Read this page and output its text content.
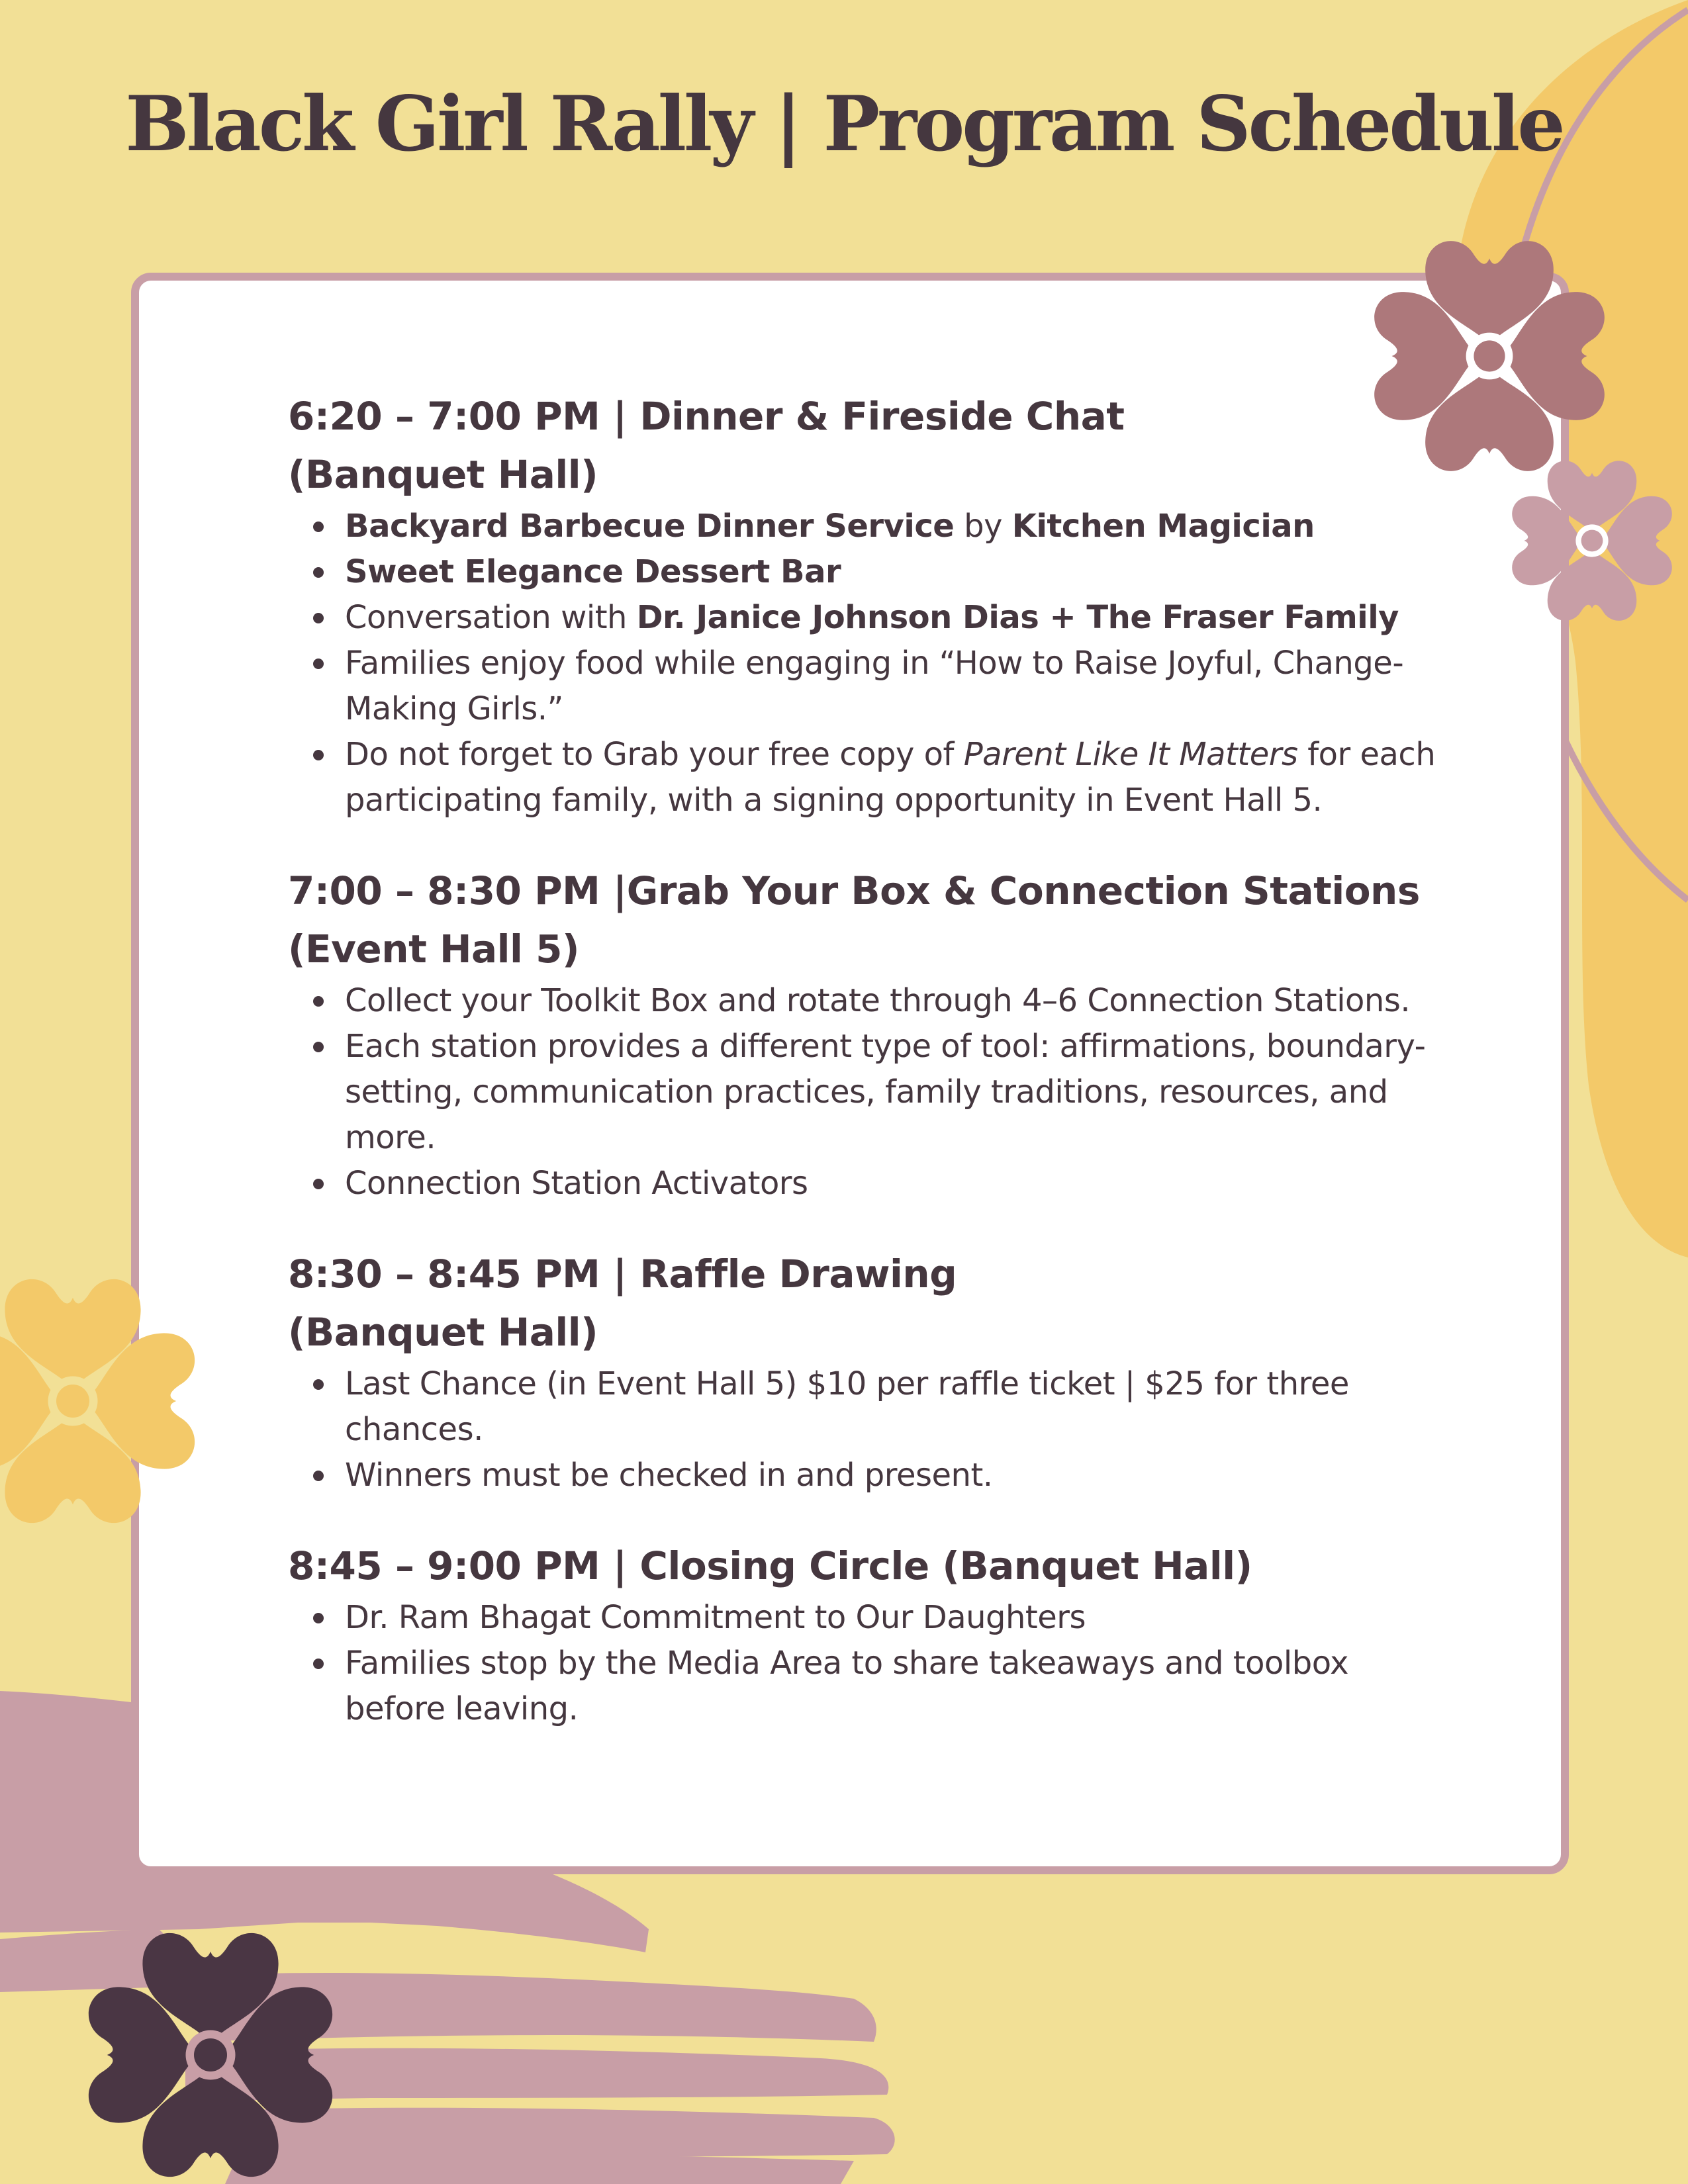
Black Girl Rally | Program Schedule

6:20 – 7:00 PM | Dinner & Fireside Chat

(Banquet Hall)

Backyard Barbecue Dinner Service by Kitchen Magician
Sweet Elegance Dessert Bar
Conversation with Dr. Janice Johnson Dias + The Fraser Family
Families enjoy food while engaging in “How to Raise Joyful, Change-Making Girls.”
Do not forget to Grab your free copy of Parent Like It Matters for each participating family, with a signing opportunity in Event Hall 5.

7:00 – 8:30 PM |Grab Your Box & Connection Stations

(Event Hall 5)

Collect your Toolkit Box and rotate through 4–6 Connection Stations.
Each station provides a different type of tool: affirmations, boundary-setting, communication practices, family traditions, resources, and more.
Connection Station Activators

8:30 – 8:45 PM | Raffle Drawing

(Banquet Hall)

Last Chance (in Event Hall 5) $10 per raffle ticket | $25 for three chances.
Winners must be checked in and present.

8:45 – 9:00 PM | Closing Circle (Banquet Hall)

Dr. Ram Bhagat Commitment to Our Daughters
Families stop by the Media Area to share takeaways and toolbox before leaving.
